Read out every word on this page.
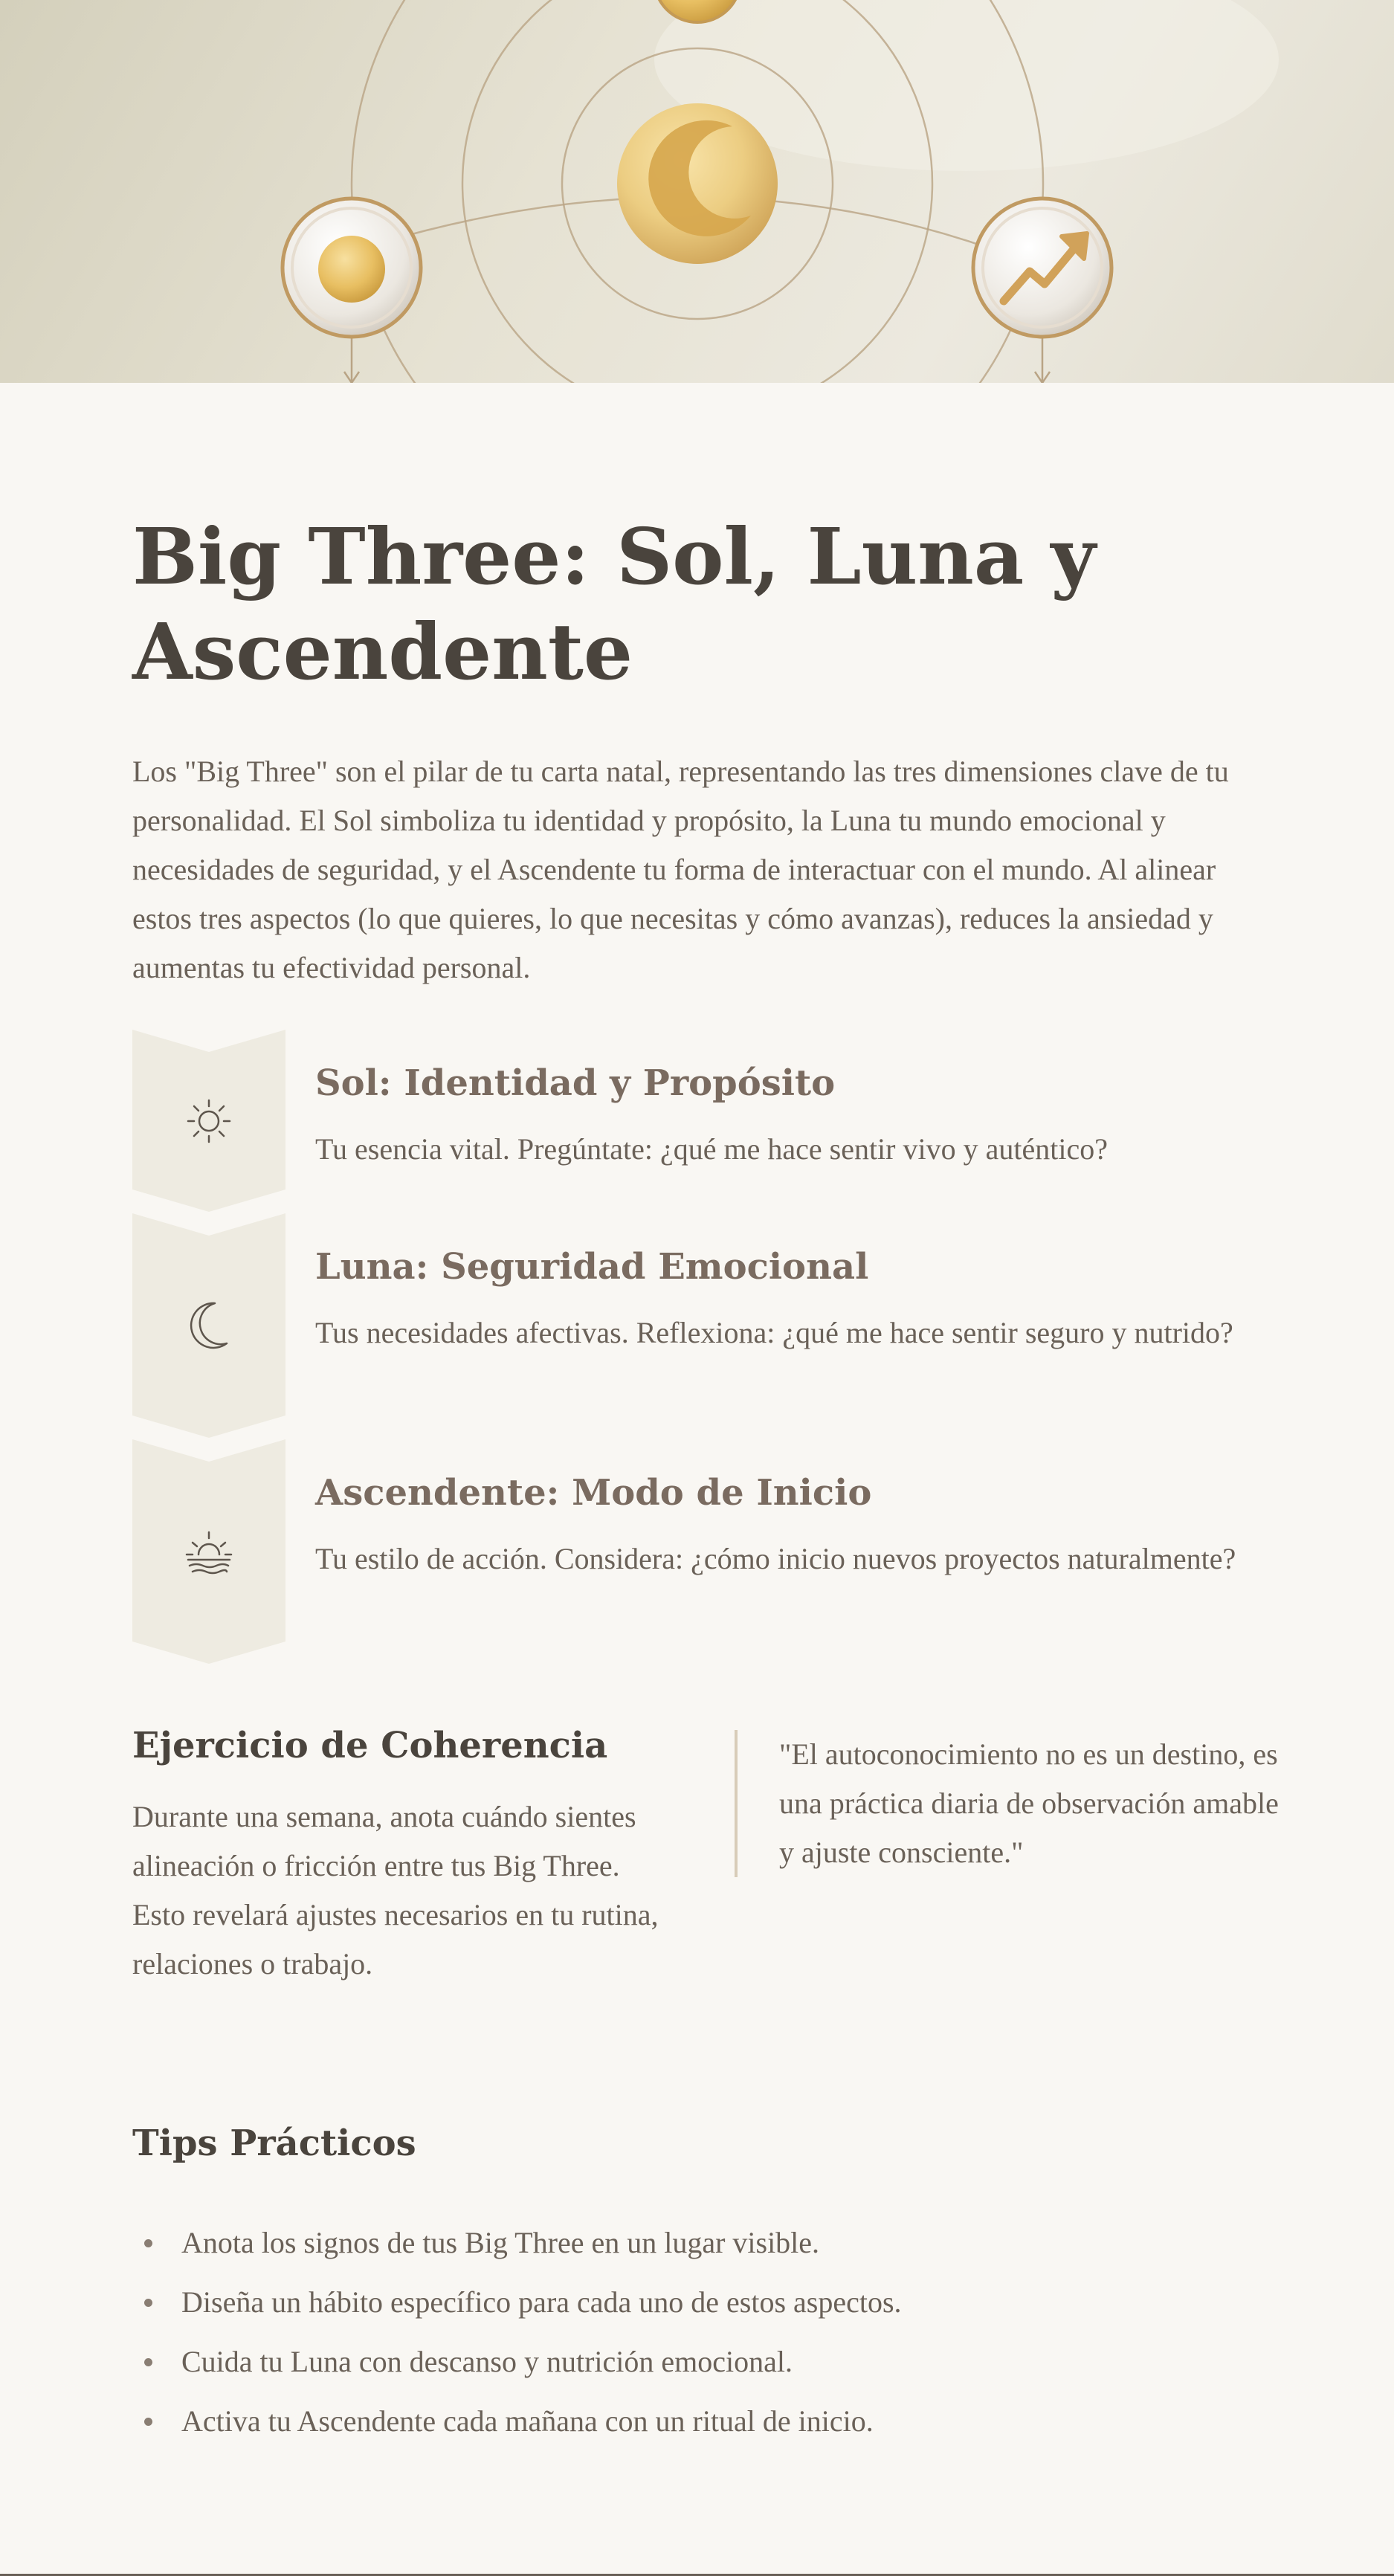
Big Three: Sol, Luna y Ascendente

Los "Big Three" son el pilar de tu carta natal, representando las tres dimensiones clave de tu personalidad. El Sol simboliza tu identidad y propósito, la Luna tu mundo emocional y necesidades de seguridad, y el Ascendente tu forma de interactuar con el mundo. Al alinear estos tres aspectos (lo que quieres, lo que necesitas y cómo avanzas), reduces la ansiedad y aumentas tu efectividad personal.

Sol: Identidad y Propósito

Tu esencia vital. Pregúntate: ¿qué me hace sentir vivo y auténtico?

Luna: Seguridad Emocional

Tus necesidades afectivas. Reflexiona: ¿qué me hace sentir seguro y nutrido?

Ascendente: Modo de Inicio

Tu estilo de acción. Considera: ¿cómo inicio nuevos proyectos naturalmente?

Ejercicio de Coherencia

Durante una semana, anota cuándo sientes alineación o fricción entre tus Big Three. Esto revelará ajustes necesarios en tu rutina, relaciones o trabajo.

"El autoconocimiento no es un destino, es una práctica diaria de observación amable y ajuste consciente."
Tips Prácticos
Anota los signos de tus Big Three en un lugar visible.
Diseña un hábito específico para cada uno de estos aspectos.
Cuida tu Luna con descanso y nutrición emocional.
Activa tu Ascendente cada mañana con un ritual de inicio.
